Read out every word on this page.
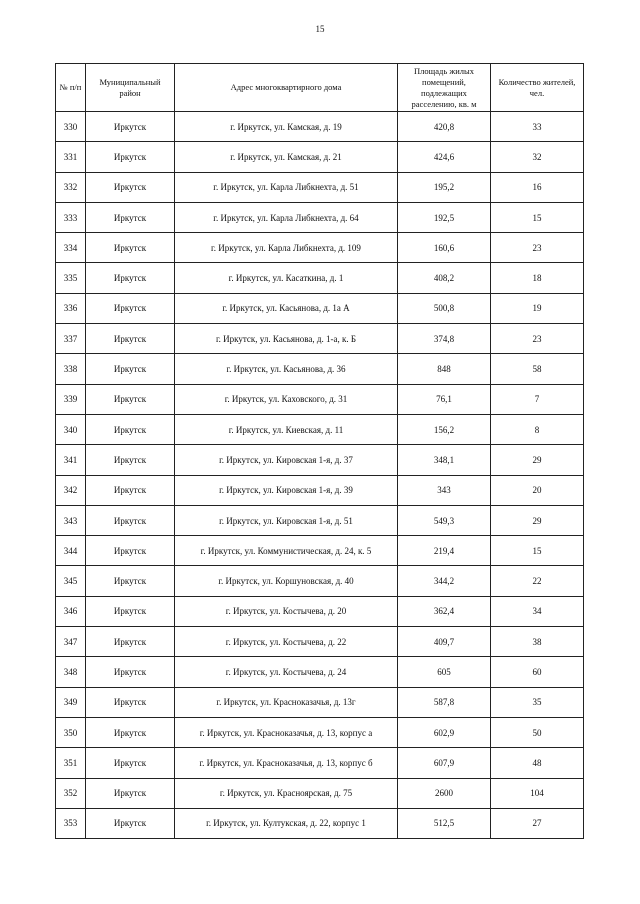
15
№ п/п	Муниципальный район	Адрес многоквартирного дома	Площадь жилых помещений, подлежащих расселению, кв. м	Количество жителей, чел.
330	Иркутск	г. Иркутск, ул. Камская, д. 19	420,8	33
331	Иркутск	г. Иркутск, ул. Камская, д. 21	424,6	32
332	Иркутск	г. Иркутск, ул. Карла Либкнехта, д. 51	195,2	16
333	Иркутск	г. Иркутск, ул. Карла Либкнехта, д. 64	192,5	15
334	Иркутск	г. Иркутск, ул. Карла Либкнехта, д. 109	160,6	23
335	Иркутск	г. Иркутск, ул. Касаткина, д. 1	408,2	18
336	Иркутск	г. Иркутск, ул. Касьянова, д. 1а А	500,8	19
337	Иркутск	г. Иркутск, ул. Касьянова, д. 1-а, к. Б	374,8	23
338	Иркутск	г. Иркутск, ул. Касьянова, д. 36	848	58
339	Иркутск	г. Иркутск, ул. Каховского, д. 31	76,1	7
340	Иркутск	г. Иркутск, ул. Киевская, д. 11	156,2	8
341	Иркутск	г. Иркутск, ул. Кировская 1-я, д. 37	348,1	29
342	Иркутск	г. Иркутск, ул. Кировская 1-я, д. 39	343	20
343	Иркутск	г. Иркутск, ул. Кировская 1-я, д. 51	549,3	29
344	Иркутск	г. Иркутск, ул. Коммунистическая, д. 24, к. 5	219,4	15
345	Иркутск	г. Иркутск, ул. Коршуновская, д. 40	344,2	22
346	Иркутск	г. Иркутск, ул. Костычева, д. 20	362,4	34
347	Иркутск	г. Иркутск, ул. Костычева, д. 22	409,7	38
348	Иркутск	г. Иркутск, ул. Костычева, д. 24	605	60
349	Иркутск	г. Иркутск, ул. Красноказачья, д. 13г	587,8	35
350	Иркутск	г. Иркутск, ул. Красноказачья, д. 13, корпус а	602,9	50
351	Иркутск	г. Иркутск, ул. Красноказачья, д. 13, корпус б	607,9	48
352	Иркутск	г. Иркутск, ул. Красноярская, д. 75	2600	104
353	Иркутск	г. Иркутск, ул. Култукская, д. 22, корпус 1	512,5	27
